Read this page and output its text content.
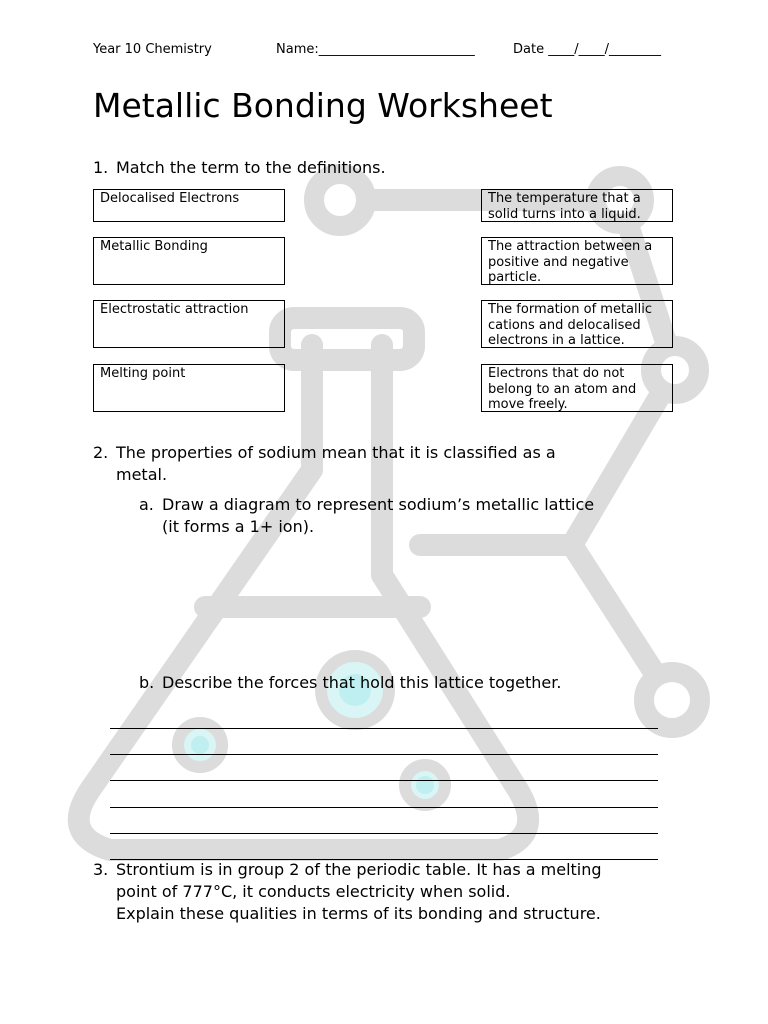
Year 10 Chemistry	Name:________________________	Date ____/____/________
Metallic Bonding Worksheet
1. Match the term to the definitions.
Delocalised Electrons
Metallic Bonding
Electrostatic attraction
Melting point
The temperature that a solid turns into a liquid.
The attraction between a positive and negative particle.
The formation of metallic cations and delocalised electrons in a lattice.
Electrons that do not belong to an atom and move freely.
2. The properties of sodium mean that it is classified as a
metal.
a. Draw a diagram to represent sodium’s metallic lattice
(it forms a 1+ ion).
b. Describe the forces that hold this lattice together.
3. Strontium is in group 2 of the periodic table. It has a melting
point of 777°C, it conducts electricity when solid.
Explain these qualities in terms of its bonding and structure.
